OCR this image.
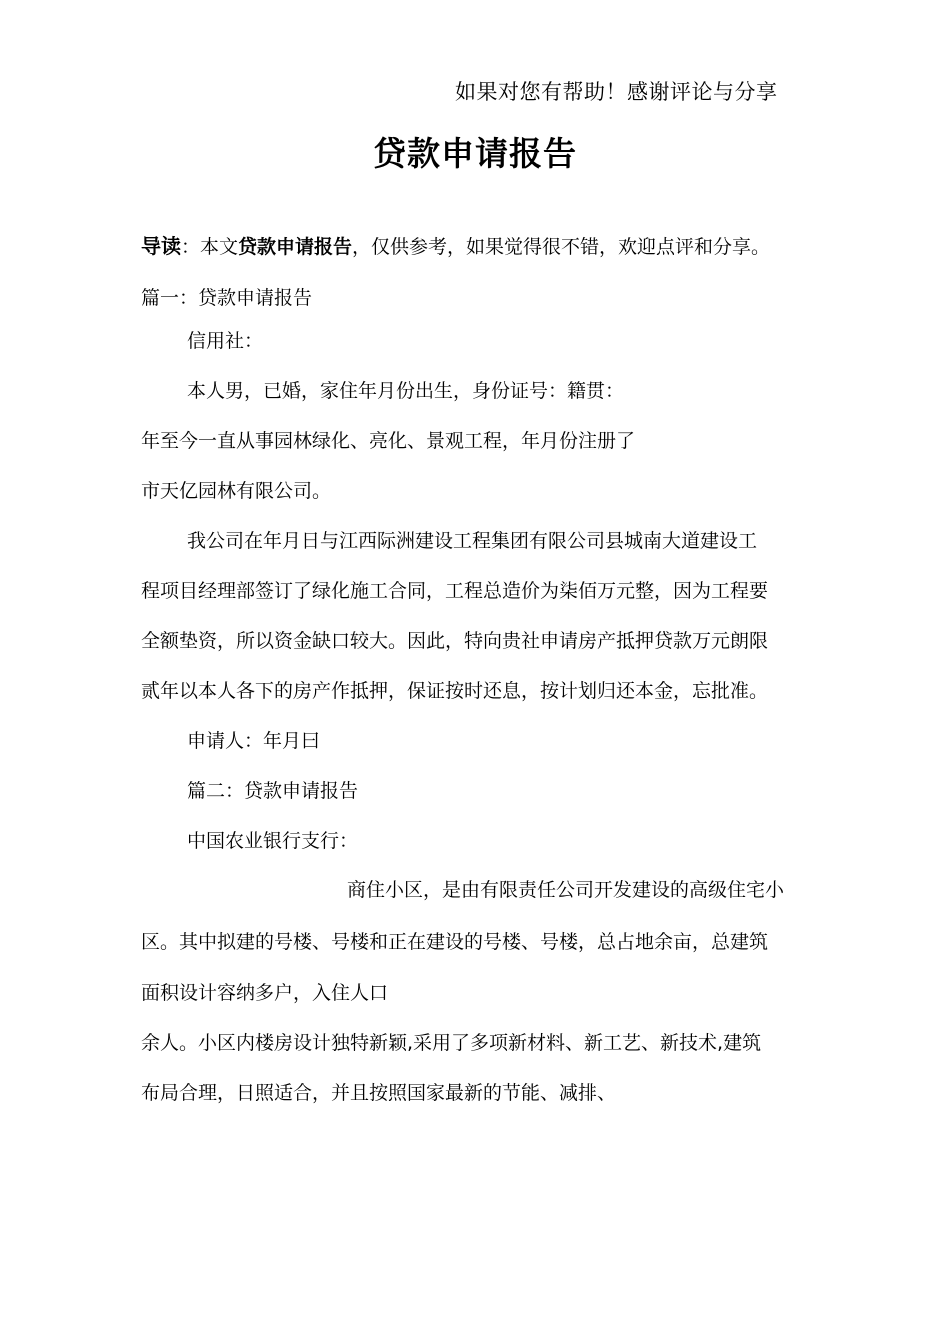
如果对您有帮助！感谢评论与分享
贷款申请报告
导读：本文贷款申请报告，仅供参考，如果觉得很不错，欢迎点评和分享。
篇一：贷款申请报告
信用社：
本人男，已婚，家住年月份出生，身份证号：籍贯：
年至今一直从事园林绿化、亮化、景观工程，年月份注册了
市天亿园林有限公司。
我公司在年月日与江西际洲建设工程集团有限公司县城南大道建设工
程项目经理部签订了绿化施工合同，工程总造价为柒佰万元整，因为工程要
全额垫资，所以资金缺口较大。因此，特向贵社申请房产抵押贷款万元朗限
贰年以本人各下的房产作抵押，保证按时还息，按计划归还本金，忘批准。
申请人：年月曰
篇二：贷款申请报告
中国农业银行支行：
商住小区，是由有限责任公司开发建设的高级住宅小
区。其中拟建的号楼、号楼和正在建设的号楼、号楼，总占地余亩，总建筑
面积设计容纳多户，入住人口
余人。小区内楼房设计独特新颖,采用了多项新材料、新工艺、新技术,建筑
布局合理，日照适合，并且按照国家最新的节能、减排、
